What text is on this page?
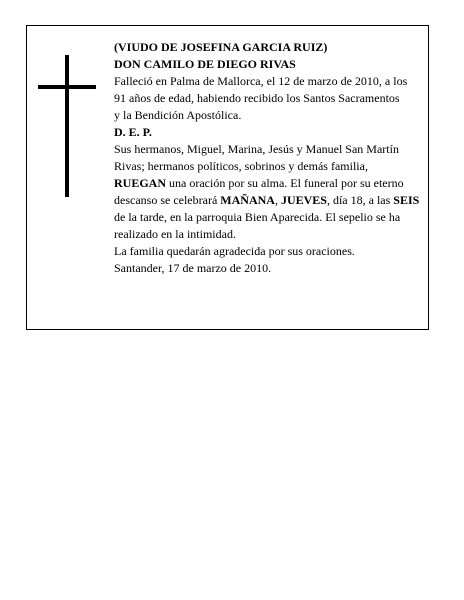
(VIUDO DE JOSEFINA GARCIA RUIZ)

DON CAMILO DE DIEGO RIVAS

Falleció en Palma de Mallorca, el 12 de marzo de 2010, a los 91 años de edad, habiendo recibido los Santos Sacramentos

y la Bendición Apostólica.

D. E. P.

Sus hermanos, Miguel, Marina, Jesús y Manuel San Martín Rivas; hermanos políticos, sobrinos y demás familia,

RUEGAN una oración por su alma. El funeral por su eterno descanso se celebrará MAÑANA, JUEVES, día 18, a las SEIS de la tarde, en la parroquia Bien Aparecida. El sepelio se ha realizado en la intimidad.

La familia quedarán agradecida por sus oraciones.

Santander, 17 de marzo de 2010.
